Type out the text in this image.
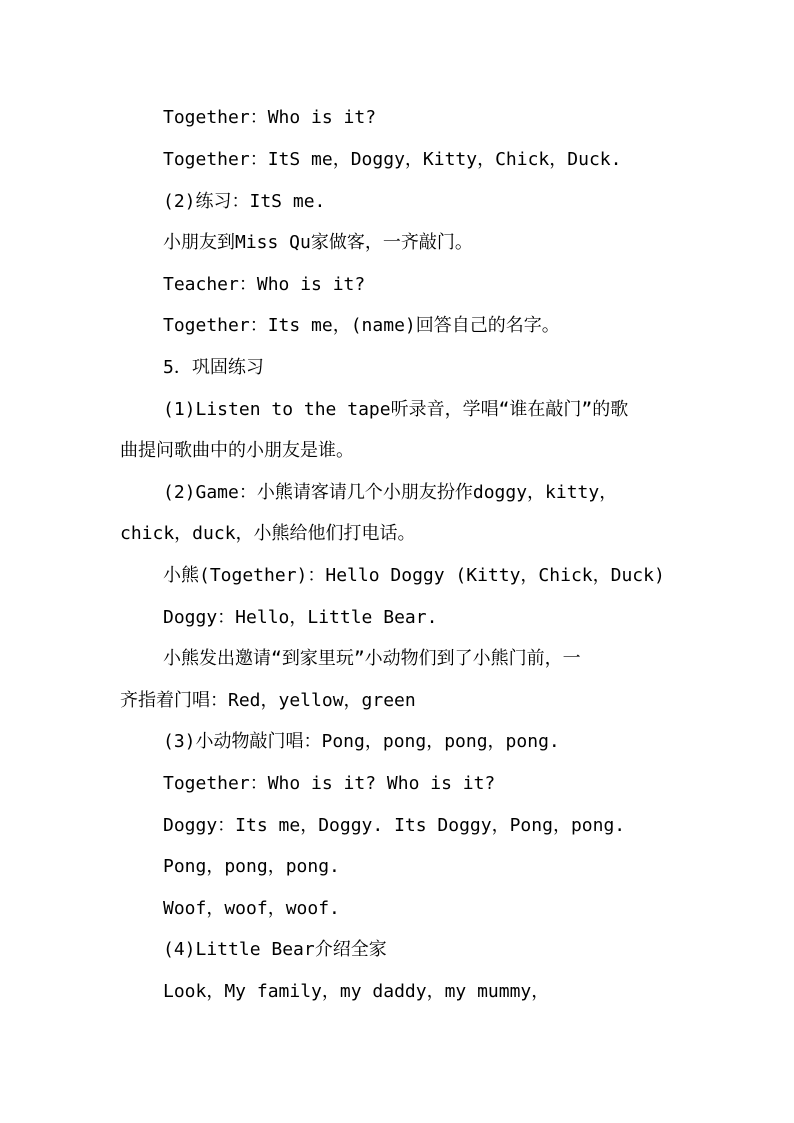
Together：Who is it?
Together：ItS me，Doggy，Kitty，Chick，Duck.
(2)练习：ItS me.
小朋友到Miss Qu家做客，一齐敲门。
Teacher：Who is it?
Together：Its me，(name)回答自己的名字。
5．巩固练习
(1)Listen to the tape听录音，学唱“谁在敲门”的歌
曲提问歌曲中的小朋友是谁。
(2)Game：小熊请客请几个小朋友扮作doggy，kitty，
chick，duck，小熊给他们打电话。
小熊(Together)：Hello Doggy (Kitty，Chick，Duck)
Doggy：Hello，Little Bear.
小熊发出邀请“到家里玩”小动物们到了小熊门前，一
齐指着门唱：Red，yellow，green
(3)小动物敲门唱：Pong，pong，pong，pong.
Together：Who is it? Who is it?
Doggy：Its me，Doggy. Its Doggy，Pong，pong.
Pong，pong，pong.
Woof，woof，woof.
(4)Little Bear介绍全家
Look，My family，my daddy，my mummy，
